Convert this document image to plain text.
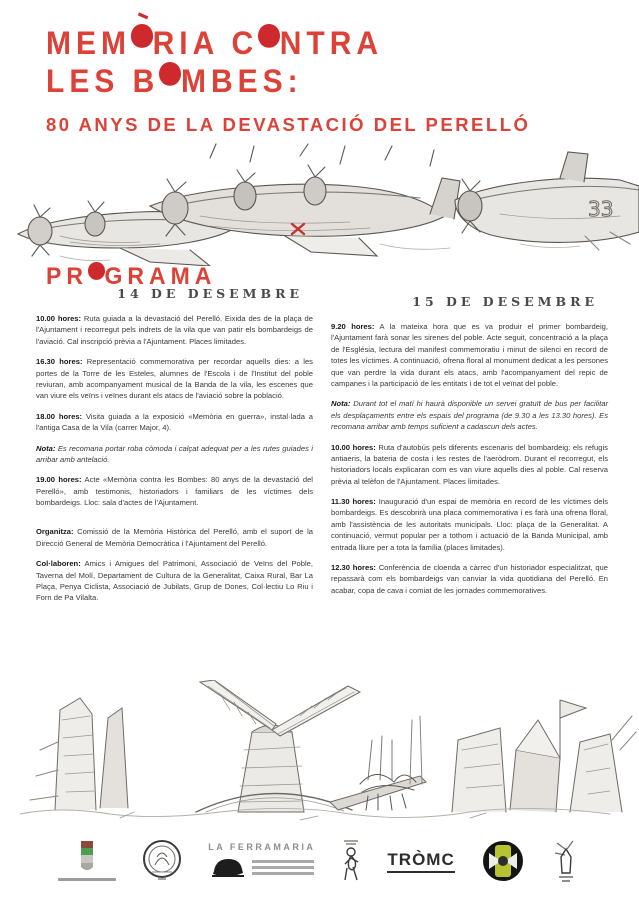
MEM RIA C NTRA
LES B MBES:
80 ANYS DE LA DEVASTACIÓ DEL PERELLÓ
33
PR GRAMA
14 DE DESEMBRE
10.00 hores: Ruta guiada a la devastació del Perelló. Eixida des de la plaça de l'Ajuntament i recorregut pels indrets de la vila que van patir els bombardeigs de l'aviació. Cal inscripció prèvia a l'Ajuntament. Places limitades.
16.30 hores: Representació commemorativa per recordar aquells dies: a les portes de la Torre de les Esteles, alumnes de l'Escola i de l'Institut del poble reviuran, amb acompanyament musical de la Banda de la vila, les escenes que van viure els veïns i veïnes durant els atacs de l'aviació sobre la població.
18.00 hores: Visita guiada a la exposició «Memòria en guerra», instal·lada a l'antiga Casa de la Vila (carrer Major, 4).
Nota: Es recomana portar roba còmoda i calçat adequat per a les rutes guiades i arribar amb antelació.
19.00 hores: Acte «Memòria contra les Bombes: 80 anys de la devastació del Perelló», amb testimonis, historiadors i familiars de les víctimes dels bombardeigs. Lloc: sala d'actes de l'Ajuntament.
Organitza: Comissió de la Memòria Històrica del Perelló, amb el suport de la Direcció General de Memòria Democràtica i l'Ajuntament del Perelló.
Col·laboren: Amics i Amigues del Patrimoni, Associació de Veïns del Poble, Taverna del Molí, Departament de Cultura de la Generalitat, Caixa Rural, Bar La Plaça, Penya Ciclista, Associació de Jubilats, Grup de Dones, Col·lectiu Lo Riu i Forn de Pa Vilalta.
15 DE DESEMBRE
9.20 hores: A la mateixa hora que es va produir el primer bombardeig, l'Ajuntament farà sonar les sirenes del poble. Acte seguit, concentració a la plaça de l'Església, lectura del manifest commemoratiu i minut de silenci en record de totes les víctimes. A continuació, ofrena floral al monument dedicat a les persones que van perdre la vida durant els atacs, amb l'acompanyament del repic de campanes i la participació de les entitats i de tot el veïnat del poble.
Nota: Durant tot el matí hi haurà disponible un servei gratuït de bus per facilitar els desplaçaments entre els espais del programa (de 9.30 a les 13.30 hores). Es recomana arribar amb temps suficient a cadascun dels actes.
10.00 hores: Ruta d'autobús pels diferents escenaris del bombardeig: els refugis antiaeris, la bateria de costa i les restes de l'aeròdrom. Durant el recorregut, els historiadors locals explicaran com es van viure aquells dies al poble. Cal reserva prèvia al telèfon de l'Ajuntament. Places limitades.
11.30 hores: Inauguració d'un espai de memòria en record de les víctimes dels bombardeigs. Es descobrirà una placa commemorativa i es farà una ofrena floral, amb l'assistència de les autoritats municipals. Lloc: plaça de la Generalitat. A continuació, vermut popular per a tothom i actuació de la Banda Municipal, amb entrada lliure per a tota la família (places limitades).
12.30 hores: Conferència de cloenda a càrrec d'un historiador especialitzat, que repassarà com els bombardeigs van canviar la vida quotidiana del Perelló. En acabar, copa de cava i comiat de les jornades commemoratives.
LA FERRAMARIA
TRÒMC
